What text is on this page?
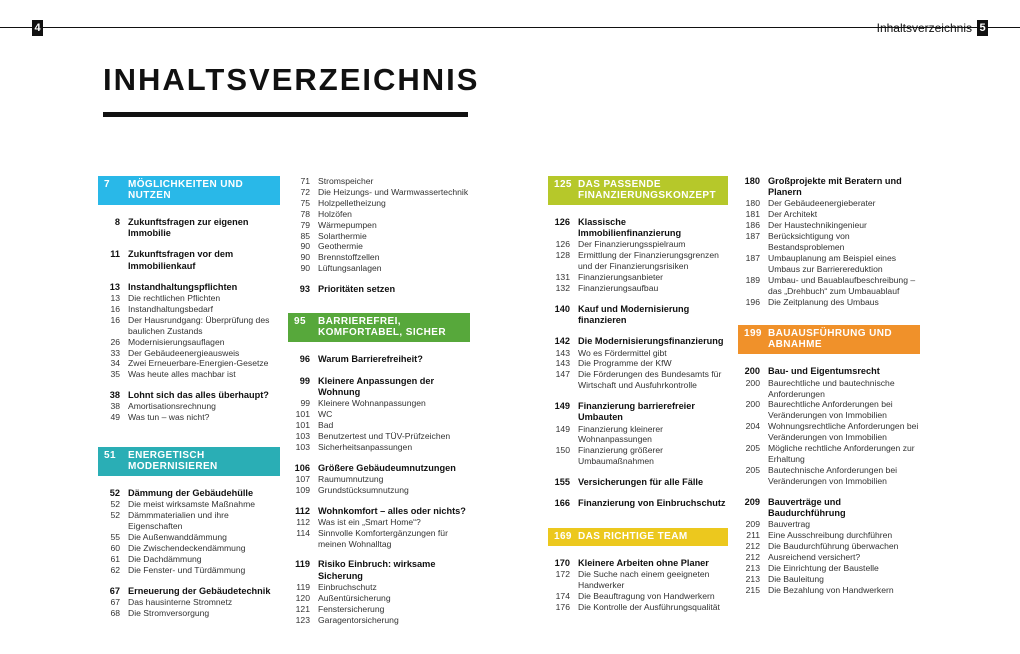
4	Inhaltsverzeichnis 5
INHALTSVERZEICHNIS
7	MÖGLICHKEITEN UND NUTZEN
8 Zukunftsfragen zur eigenen Immobilie
11 Zukunftsfragen vor dem Immobilienkauf
13 Instandhaltungspflichten
13 Die rechtlichen Pflichten
16 Instandhaltungsbedarf
16 Der Hausrundgang: Überprüfung des baulichen Zustands
26 Modernisierungsauflagen
33 Der Gebäudeenergieausweis
34 Zwei Erneuerbare-Energien-Gesetze
35 Was heute alles machbar ist
38 Lohnt sich das alles überhaupt?
38 Amortisationsrechnung
49 Was tun – was nicht?
51	ENERGETISCH MODERNISIEREN
52 Dämmung der Gebäudehülle
52 Die meist wirksamste Maßnahme
52 Dämmmaterialien und ihre Eigenschaften
55 Die Außenwanddämmung
60 Die Zwischendeckendämmung
61 Die Dachdämmung
62 Die Fenster- und Türdämmung
67 Erneuerung der Gebäudetechnik
67 Das hausinterne Stromnetz
68 Die Stromversorgung
71 Stromspeicher
72 Die Heizungs- und Warmwassertechnik
75 Holzpelletheizung
78 Holzöfen
79 Wärmepumpen
85 Solarthermie
90 Geothermie
90 Brennstoffzellen
90 Lüftungsanlagen
93 Prioritäten setzen
95	BARRIEREFREI, KOMFORTABEL, SICHER
96 Warum Barrierefreiheit?
99 Kleinere Anpassungen der Wohnung
99 Kleinere Wohnanpassungen
101 WC
101 Bad
103 Benutzertest und TÜV-Prüfzeichen
103 Sicherheitsanpassungen
106 Größere Gebäudeumnutzungen
107 Raumumnutzung
109 Grundstücksumnutzung
112 Wohnkomfort – alles oder nichts?
112 Was ist ein „Smart Home“?
114 Sinnvolle Komfortergänzungen für meinen Wohnalltag
119 Risiko Einbruch: wirksame Sicherung
119 Einbruchschutz
120 Außentürsicherung
121 Fenstersicherung
123 Garagentorsicherung
125 DAS PASSENDE FINANZIERUNGSKONZEPT
126 Klassische Immobilienfinanzierung
126 Der Finanzierungsspielraum
128 Ermittlung der Finanzierungsgrenzen und der Finanzierungsrisiken
131 Finanzierungsanbieter
132 Finanzierungsaufbau
140 Kauf und Modernisierung finanzieren
142 Die Modernisierungsfinanzierung
143 Wo es Fördermittel gibt
143 Die Programme der KfW
147 Die Förderungen des Bundesamts für Wirtschaft und Ausfuhrkontrolle
149 Finanzierung barrierefreier Umbauten
149 Finanzierung kleinerer Wohnanpassungen
150 Finanzierung größerer Umbaumaßnahmen
155 Versicherungen für alle Fälle
166 Finanzierung von Einbruchschutz
169 DAS RICHTIGE TEAM
170 Kleinere Arbeiten ohne Planer
172 Die Suche nach einem geeigneten Handwerker
174 Die Beauftragung von Handwerkern
176 Die Kontrolle der Ausführungsqualität
180 Großprojekte mit Beratern und Planern
180 Der Gebäudeenergieberater
181 Der Architekt
186 Der Haustechnikingenieur
187 Berücksichtigung von Bestandsproblemen
187 Umbauplanung am Beispiel eines Umbaus zur Barrierereduktion
189 Umbau- und Bauablaufbeschreibung – das „Drehbuch“ zum Umbauablauf
196 Die Zeitplanung des Umbaus
199 BAUAUSFÜHRUNG UND ABNAHME
200 Bau- und Eigentumsrecht
200 Baurechtliche und bautechnische Anforderungen
200 Baurechtliche Anforderungen bei Veränderungen von Immobilien
204 Wohnungsrechtliche Anforderungen bei Veränderungen von Immobilien
205 Mögliche rechtliche Anforderungen zur Erhaltung
205 Bautechnische Anforderungen bei Veränderungen von Immobilien
209 Bauverträge und Baudurchführung
209 Bauvertrag
211 Eine Ausschreibung durchführen
212 Die Baudurchführung überwachen
212 Ausreichend versichert?
213 Die Einrichtung der Baustelle
213 Die Bauleitung
215 Die Bezahlung von Handwerkern
